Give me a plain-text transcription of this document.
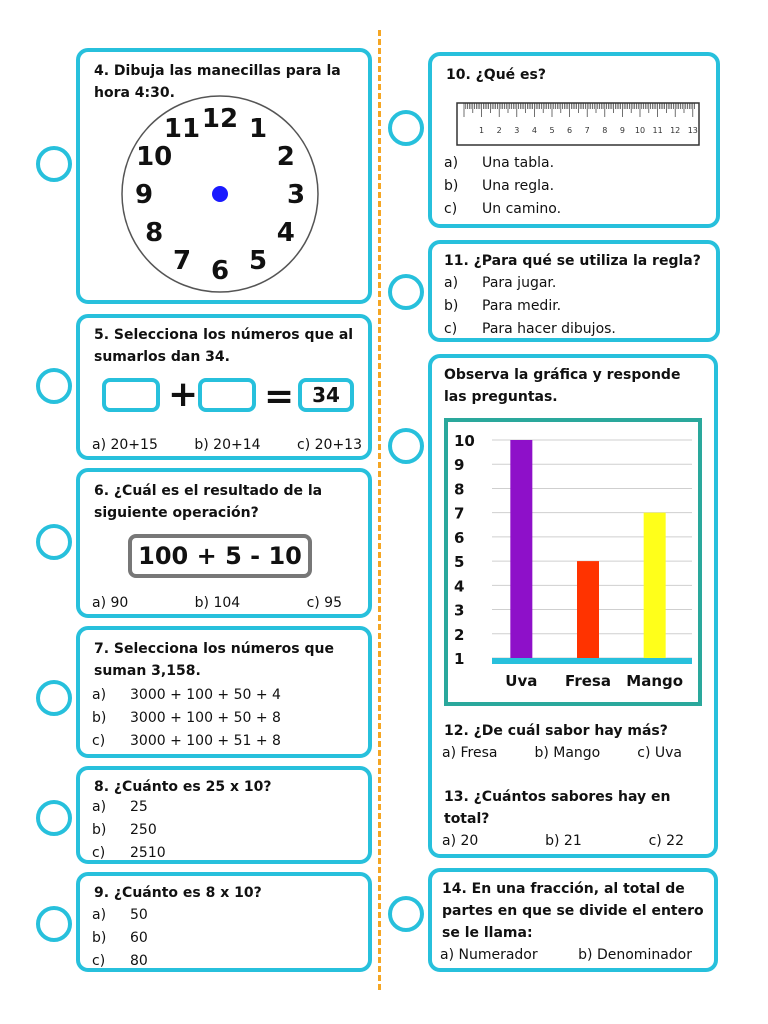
4. Dibuja las manecillas para la hora 4:30.
12 1
2
3
4
5
6
7
8
9
10
11
5. Selecciona los números que al sumarlos dan 34.
+ = 34
a) 20+15	b) 20+14	c) 20+13
6. ¿Cuál es el resultado de la siguiente operación?
100 + 5 - 10
a) 90	b) 104	c) 95
7. Selecciona los números que suman 3,158.
a)	3000 + 100 + 50 + 4
b)	3000 + 100 + 50 + 8
c)	3000 + 100 + 51 + 8
8. ¿Cuánto es 25 x 10?
a)	25
b)	250
c)	2510
9. ¿Cuánto es 8 x 10?
a)	50
b)	60
c)	80
10. ¿Qué es?
1 2 3 4 5 6 7 8 9 10 11 12 13
a)	Una tabla.
b)	Una regla.
c)	Un camino.
11. ¿Para qué se utiliza la regla?
a)	Para jugar.
b)	Para medir.
c)	Para hacer dibujos.
Observa la gráfica y responde las preguntas.
1
2
3
4
5
6
7
8
9
10
Uva Fresa Mango
12. ¿De cuál sabor hay más?
a) Fresa	b) Mango	c) Uva
13. ¿Cuántos sabores hay en total?
a) 20	b) 21	c) 22
14. En una fracción, al total de partes en que se divide el entero se le llama:
a) Numerador	b) Denominador
